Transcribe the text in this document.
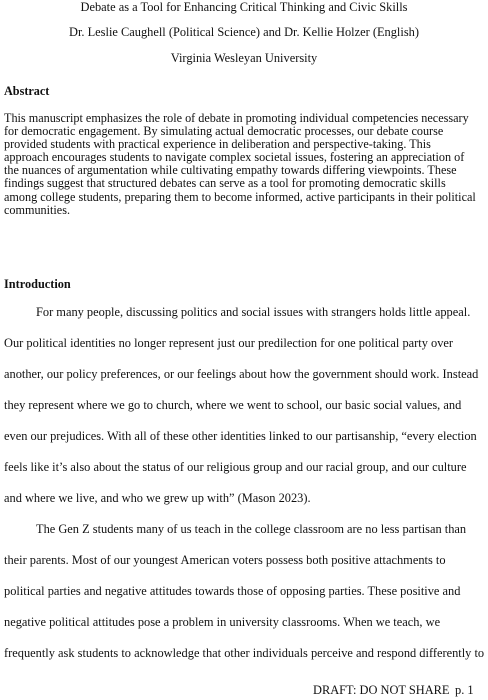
Debate as a Tool for Enhancing Critical Thinking and Civic Skills
Dr. Leslie Caughell (Political Science) and Dr. Kellie Holzer (English)
Virginia Wesleyan University
Abstract
This manuscript emphasizes the role of debate in promoting individual competencies necessary
for democratic engagement. By simulating actual democratic processes, our debate course
provided students with practical experience in deliberation and perspective-taking. This
approach encourages students to navigate complex societal issues, fostering an appreciation of
the nuances of argumentation while cultivating empathy towards differing viewpoints. These
findings suggest that structured debates can serve as a tool for promoting democratic skills
among college students, preparing them to become informed, active participants in their political
communities.
Introduction
For many people, discussing politics and social issues with strangers holds little appeal.
Our political identities no longer represent just our predilection for one political party over
another, our policy preferences, or our feelings about how the government should work. Instead
they represent where we go to church, where we went to school, our basic social values, and
even our prejudices. With all of these other identities linked to our partisanship, “every election
feels like it’s also about the status of our religious group and our racial group, and our culture
and where we live, and who we grew up with” (Mason 2023).
The Gen Z students many of us teach in the college classroom are no less partisan than
their parents. Most of our youngest American voters possess both positive attachments to
political parties and negative attitudes towards those of opposing parties. These positive and
negative political attitudes pose a problem in university classrooms. When we teach, we
frequently ask students to acknowledge that other individuals perceive and respond differently to
DRAFT: DO NOT SHARE p. 1
